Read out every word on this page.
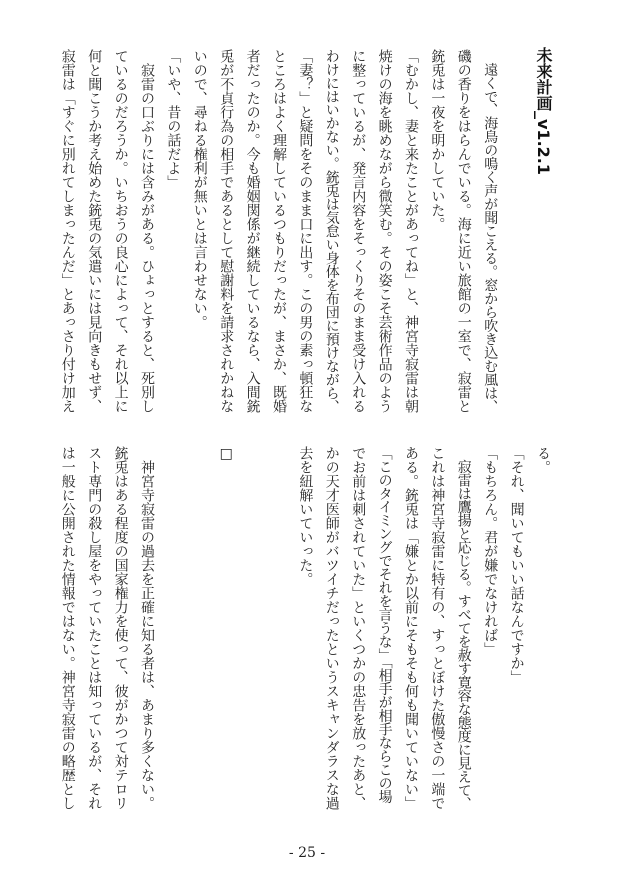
未来計画_v1.2.1
　遠くで、海鳥の鳴く声が聞こえる。窓から吹き込む風は、
磯の香りをはらんでいる。海に近い旅館の一室で、寂雷と
銃兎は一夜を明かしていた。
「むかし、妻と来たことがあってね」と、神宮寺寂雷は朝
焼けの海を眺めながら微笑む。その姿こそ芸術作品のよう
に整っているが、発言内容をそっくりそのまま受け入れる
わけにはいかない。銃兎は気怠い身体を布団に預けながら、
「妻？」と疑問をそのまま口に出す。この男の素っ頓狂な
ところはよく理解しているつもりだったが、まさか、既婚
者だったのか。今も婚姻関係が継続しているなら、入間銃
兎が不貞行為の相手であるとして慰謝料を請求されかねな
いので、尋ねる権利が無いとは言わせない。
「いや、昔の話だよ」
　寂雷の口ぶりには含みがある。ひょっとすると、死別し
ているのだろうか。いちおうの良心によって、それ以上に
何と聞こうか考え始めた銃兎の気遣いには見向きもせず、
寂雷は「すぐに別れてしまったんだ」とあっさり付け加え
る。
「それ、聞いてもいい話なんですか」
「もちろん。君が嫌でなければ」
　寂雷は鷹揚と応じる。すべてを赦す寛容な態度に見えて、
これは神宮寺寂雷に特有の、すっとぼけた傲慢さの一端で
ある。銃兎は「嫌とか以前にそもそも何も聞いていない」
「このタイミングでそれを言うな」「相手が相手ならこの場
でお前は刺されていた」といくつかの忠告を放ったあと、
かの天才医師がバツイチだったというスキャンダラスな過
去を紐解いていった。
□
　神宮寺寂雷の過去を正確に知る者は、あまり多くない。
銃兎はある程度の国家権力を使って、彼がかつて対テロリ
スト専門の殺し屋をやっていたことは知っているが、それ
は一般に公開された情報ではない。神宮寺寂雷の略歴とし
- 25 -
